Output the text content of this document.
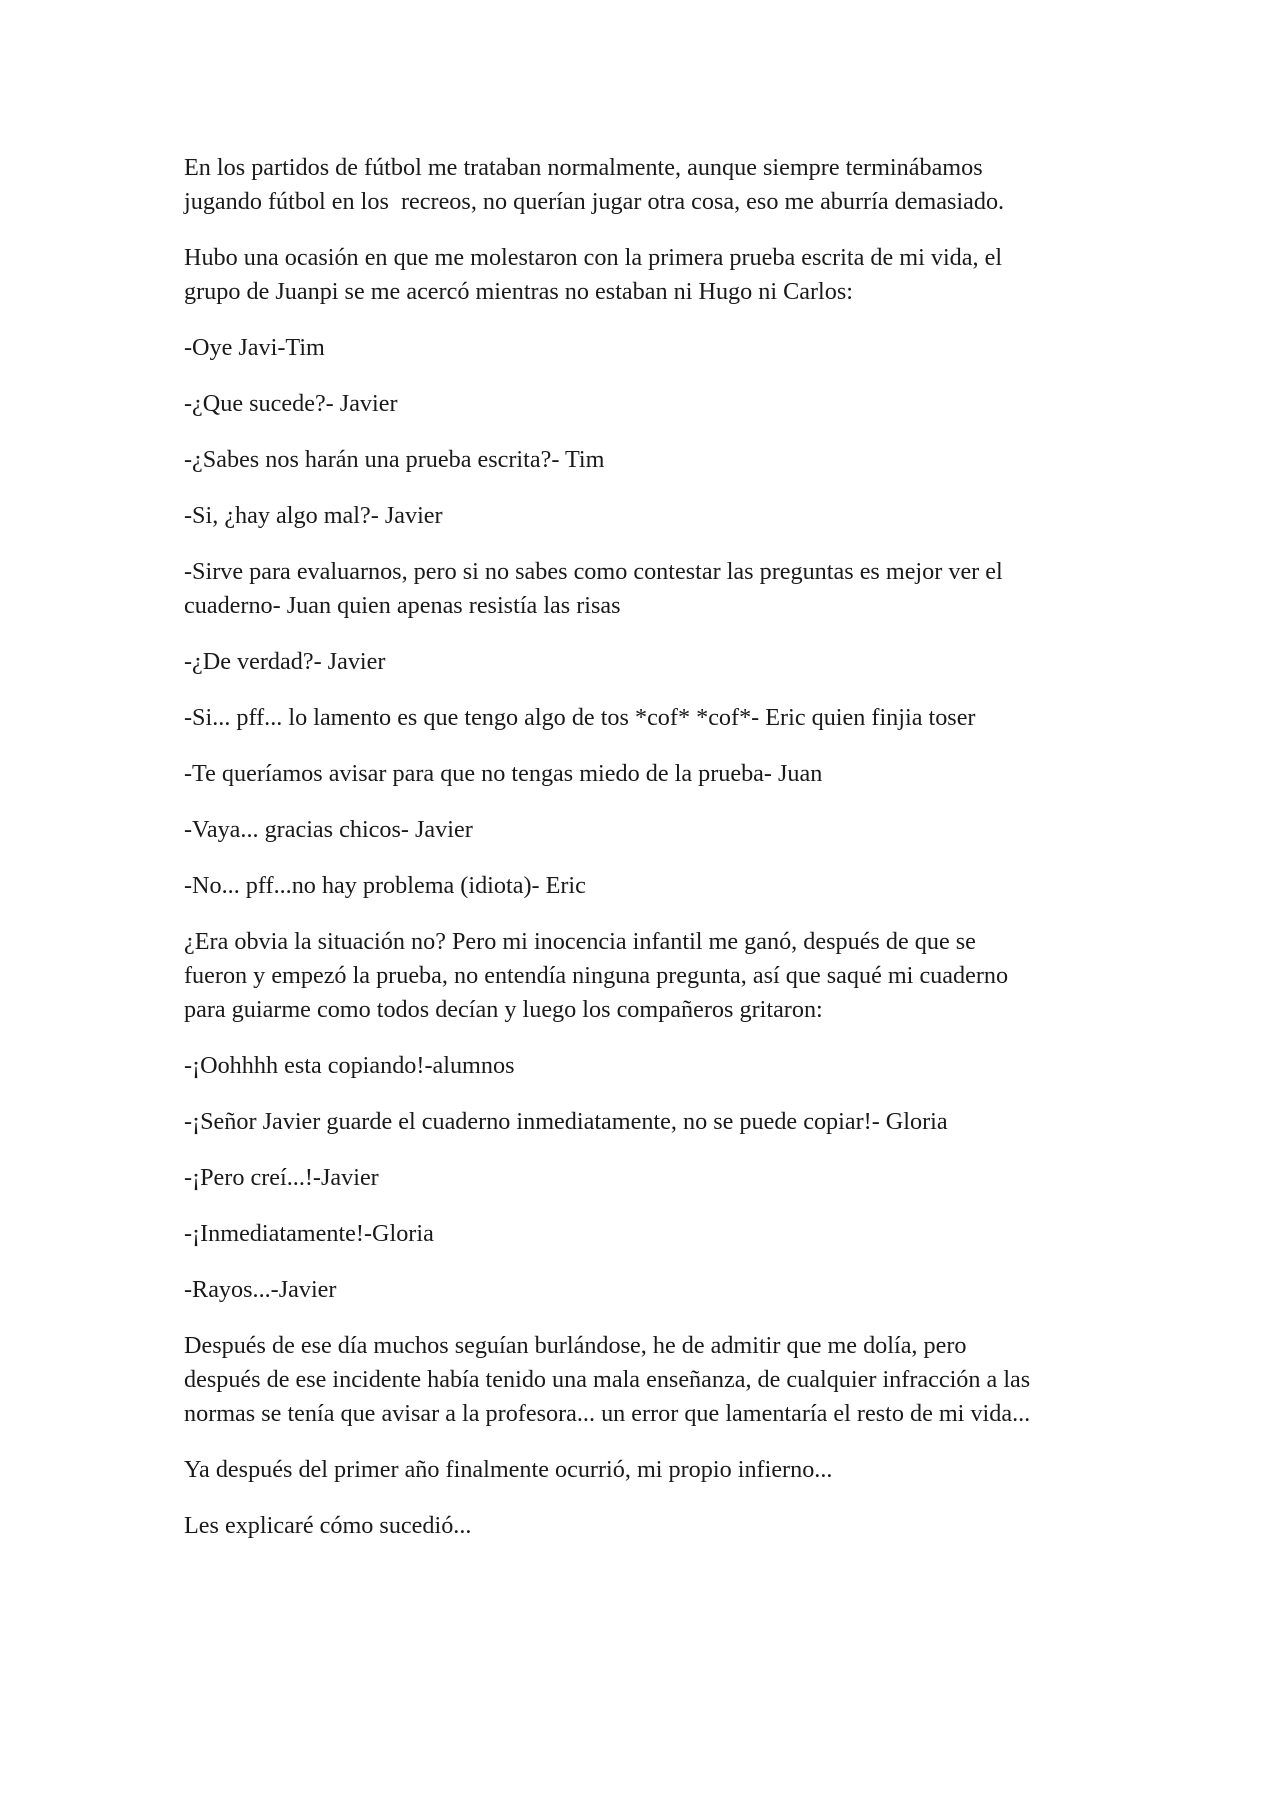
En los partidos de fútbol me trataban normalmente, aunque siempre terminábamos
jugando fútbol en los  recreos, no querían jugar otra cosa, eso me aburría demasiado.

Hubo una ocasión en que me molestaron con la primera prueba escrita de mi vida, el
grupo de Juanpi se me acercó mientras no estaban ni Hugo ni Carlos:

-Oye Javi-Tim

-¿Que sucede?- Javier

-¿Sabes nos harán una prueba escrita?- Tim

-Si, ¿hay algo mal?- Javier

-Sirve para evaluarnos, pero si no sabes como contestar las preguntas es mejor ver el
cuaderno- Juan quien apenas resistía las risas

-¿De verdad?- Javier

-Si... pff... lo lamento es que tengo algo de tos *cof* *cof*- Eric quien finjia toser

-Te queríamos avisar para que no tengas miedo de la prueba- Juan

-Vaya... gracias chicos- Javier

-No... pff...no hay problema (idiota)- Eric

¿Era obvia la situación no? Pero mi inocencia infantil me ganó, después de que se
fueron y empezó la prueba, no entendía ninguna pregunta, así que saqué mi cuaderno
para guiarme como todos decían y luego los compañeros gritaron:

-¡Oohhhh esta copiando!-alumnos

-¡Señor Javier guarde el cuaderno inmediatamente, no se puede copiar!- Gloria

-¡Pero creí...!-Javier

-¡Inmediatamente!-Gloria

-Rayos...-Javier

Después de ese día muchos seguían burlándose, he de admitir que me dolía, pero
después de ese incidente había tenido una mala enseñanza, de cualquier infracción a las
normas se tenía que avisar a la profesora... un error que lamentaría el resto de mi vida...

Ya después del primer año finalmente ocurrió, mi propio infierno...

Les explicaré cómo sucedió...
